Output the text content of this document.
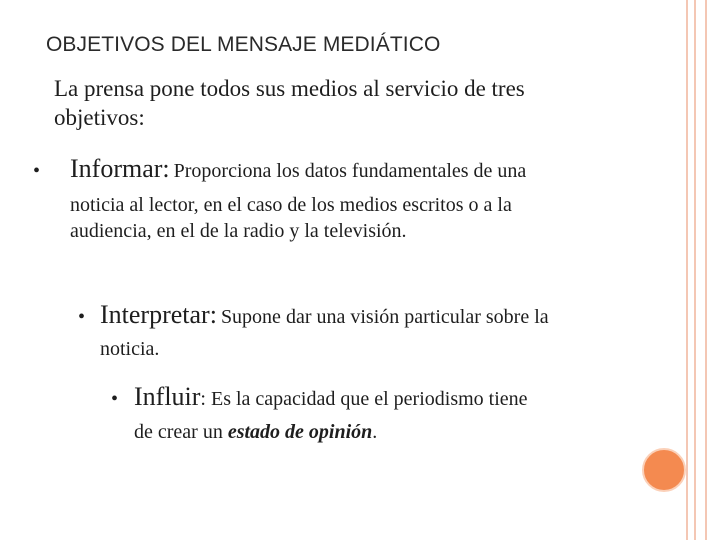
OBJETIVOS DEL MENSAJE MEDIÁTICO
La prensa pone todos sus medios al servicio de tres
objetivos:
• Informar: Proporciona los datos fundamentales de una
noticia al lector, en el caso de los medios escritos o a la
audiencia, en el de la radio y la televisión.
• Interpretar: Supone dar una visión particular sobre la
noticia.
• Influir: Es la capacidad que el periodismo tiene
de crear un estado de opinión.
